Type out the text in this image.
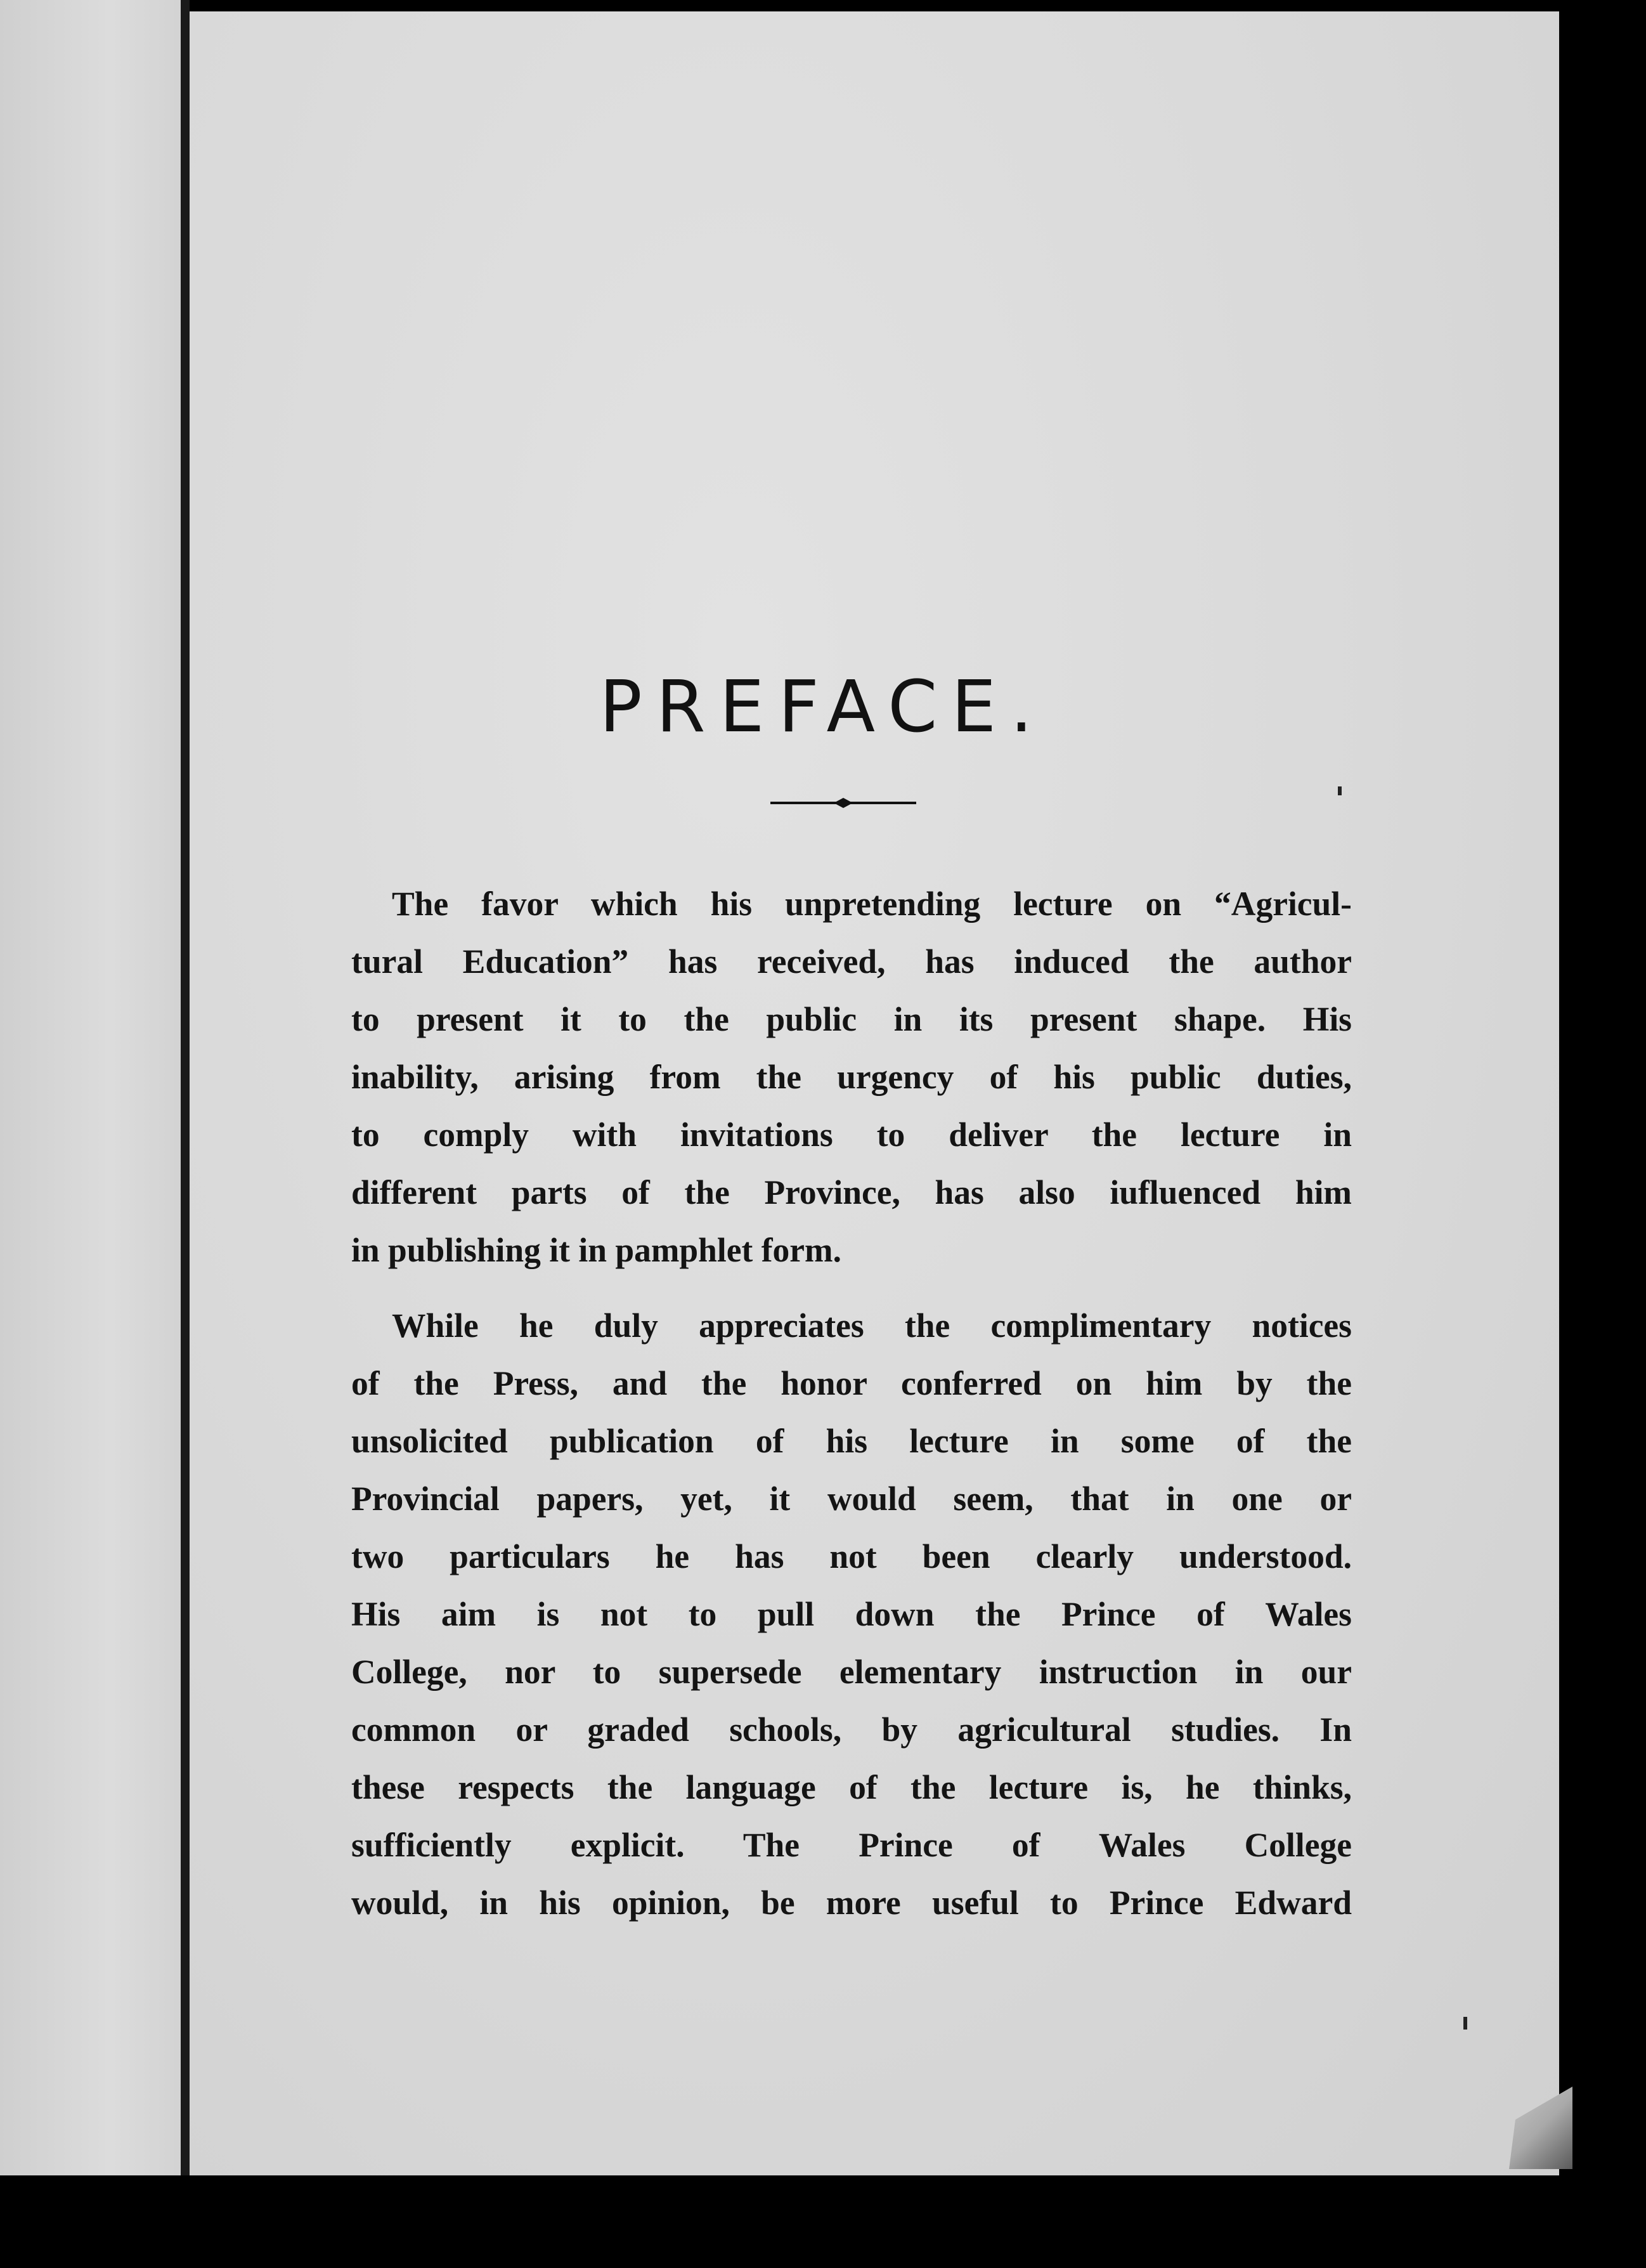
PREFACE.

The favor which his unpretending lecture on “Agricul-
tural Education” has received, has induced the author
to present it to the public in its present shape. His
inability, arising from the urgency of his public duties,
to comply with invitations to deliver the lecture in
different parts of the Province, has also iufluenced him
in publishing it in pamphlet form.

While he duly appreciates the complimentary notices
of the Press, and the honor conferred on him by the
unsolicited publication of his lecture in some of the
Provincial papers, yet, it would seem, that in one or
two particulars he has not been clearly understood.
His aim is not to pull down the Prince of Wales
College, nor to supersede elementary instruction in our
common or graded schools, by agricultural studies. In
these respects the language of the lecture is, he thinks,
sufficiently explicit. The Prince of Wales College
would, in his opinion, be more useful to Prince Edward
